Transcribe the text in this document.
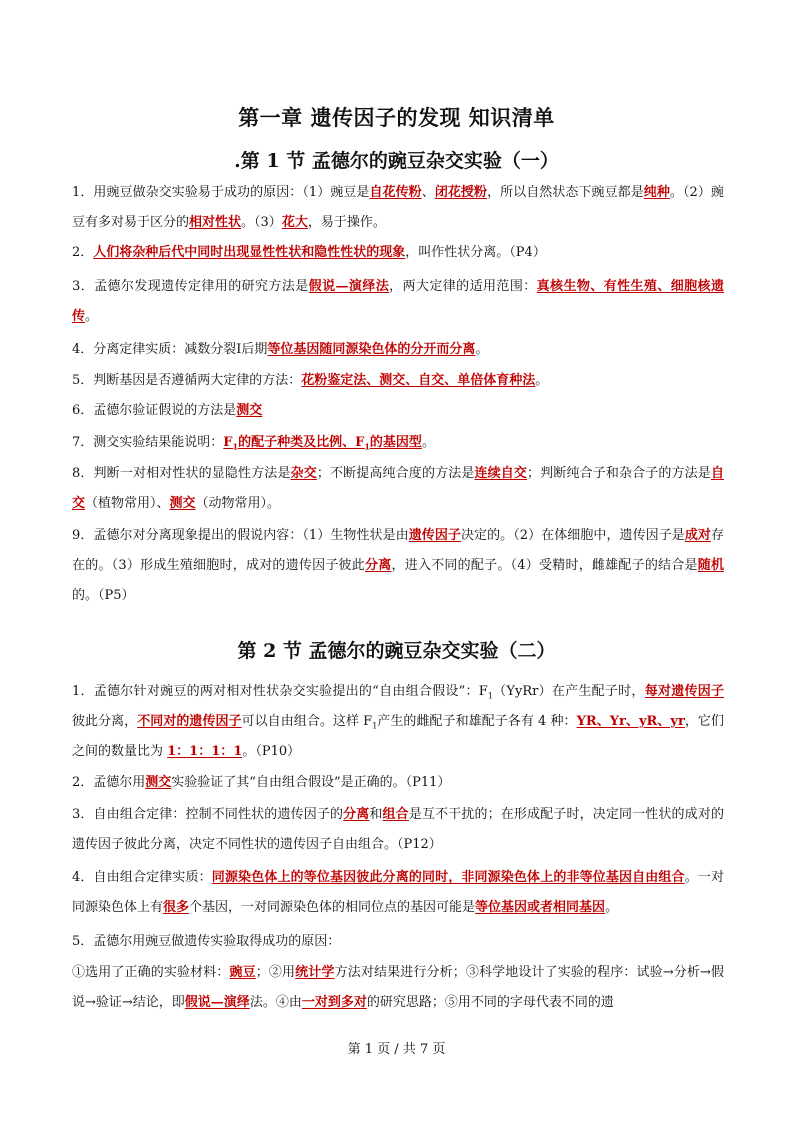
第一章 遗传因子的发现 知识清单
.第 1 节 孟德尔的豌豆杂交实验（一）

1．用豌豆做杂交实验易于成功的原因：（1）豌豆是自花传粉、闭花授粉，所以自然状态下豌豆都是纯种。（2）豌豆有多对易于区分的相对性状。（3）花大，易于操作。

2．人们将杂种后代中同时出现显性性状和隐性性状的现象，叫作性状分离。（P4）

3．孟德尔发现遗传定律用的研究方法是假说—演绎法，两大定律的适用范围：真核生物、有性生殖、细胞核遗传。

4．分离定律实质：减数分裂Ⅰ后期等位基因随同源染色体的分开而分离。

5．判断基因是否遵循两大定律的方法：花粉鉴定法、测交、自交、单倍体育种法。

6．孟德尔验证假说的方法是测交

7．测交实验结果能说明：$F_1$的配子种类及比例、$F_1$的基因型。

8．判断一对相对性状的显隐性方法是杂交；不断提高纯合度的方法是连续自交；判断纯合子和杂合子的方法是自交（植物常用）、测交（动物常用）。

9．孟德尔对分离现象提出的假说内容：（1）生物性状是由遗传因子决定的。（2）在体细胞中，遗传因子是成对存在的。（3）形成生殖细胞时，成对的遗传因子彼此分离，进入不同的配子。（4）受精时，雌雄配子的结合是随机的。（P5）

第 2 节 孟德尔的豌豆杂交实验（二）

1．孟德尔针对豌豆的两对相对性状杂交实验提出的“自由组合假设”：$F_1(YyRr)$在产生配子时，每对遗传因子彼此分离，不同对的遗传因子可以自由组合。这样 $F_1$产生的雌配子和雄配子各有 4 种：YR、Yr、yR、yr，它们之间的数量比为 1：1：1：1。（P10）

2．孟德尔用测交实验验证了其“自由组合假设”是正确的。（P11）

3．自由组合定律：控制不同性状的遗传因子的分离和组合是互不干扰的；在形成配子时，决定同一性状的成对的遗传因子彼此分离，决定不同性状的遗传因子自由组合。（P12）

4．自由组合定律实质：同源染色体上的等位基因彼此分离的同时，非同源染色体上的非等位基因自由组合。一对同源染色体上有很多个基因，一对同源染色体的相同位点的基因可能是等位基因或者相同基因。

5．孟德尔用豌豆做遗传实验取得成功的原因：

①选用了正确的实验材料：豌豆；②用统计学方法对结果进行分析；③科学地设计了实验的程序：试验→分析→假说→验证→结论，即假说—演绎法。④由一对到多对的研究思路；⑤用不同的字母代表不同的遗

第 1 页 / 共 7 页
